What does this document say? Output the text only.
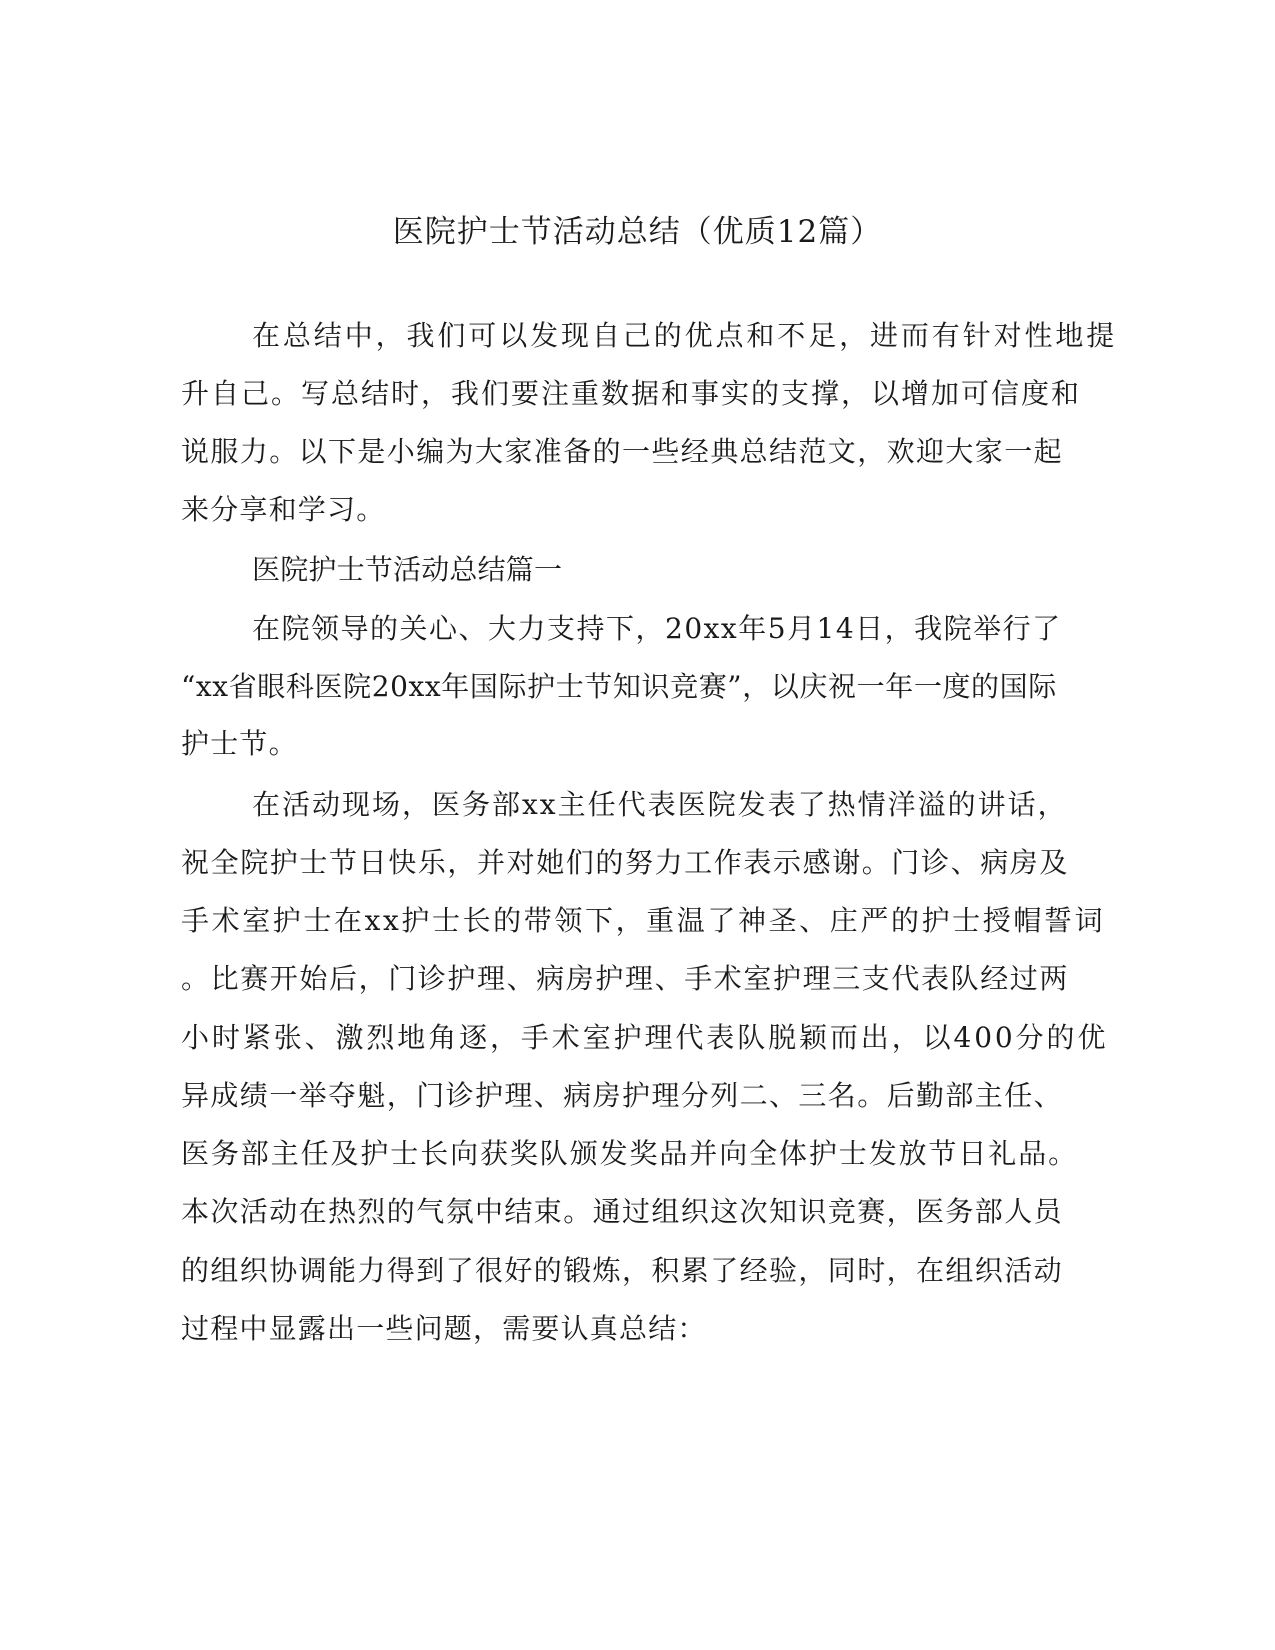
医院护士节活动总结（优质12篇）
在总结中，我们可以发现自己的优点和不足，进而有针对性地提
升自己。写总结时，我们要注重数据和事实的支撑，以增加可信度和
说服力。以下是小编为大家准备的一些经典总结范文，欢迎大家一起
来分享和学习。
医院护士节活动总结篇一
在院领导的关心、大力支持下，20xx年5月14日，我院举行了
“xx省眼科医院20xx年国际护士节知识竞赛”，以庆祝一年一度的国际
护士节。
在活动现场，医务部xx主任代表医院发表了热情洋溢的讲话，
祝全院护士节日快乐，并对她们的努力工作表示感谢。门诊、病房及
手术室护士在xx护士长的带领下，重温了神圣、庄严的护士授帽誓词
。比赛开始后，门诊护理、病房护理、手术室护理三支代表队经过两
小时紧张、激烈地角逐，手术室护理代表队脱颖而出，以400分的优
异成绩一举夺魁，门诊护理、病房护理分列二、三名。后勤部主任、
医务部主任及护士长向获奖队颁发奖品并向全体护士发放节日礼品。
本次活动在热烈的气氛中结束。通过组织这次知识竞赛，医务部人员
的组织协调能力得到了很好的锻炼，积累了经验，同时，在组织活动
过程中显露出一些问题，需要认真总结：
